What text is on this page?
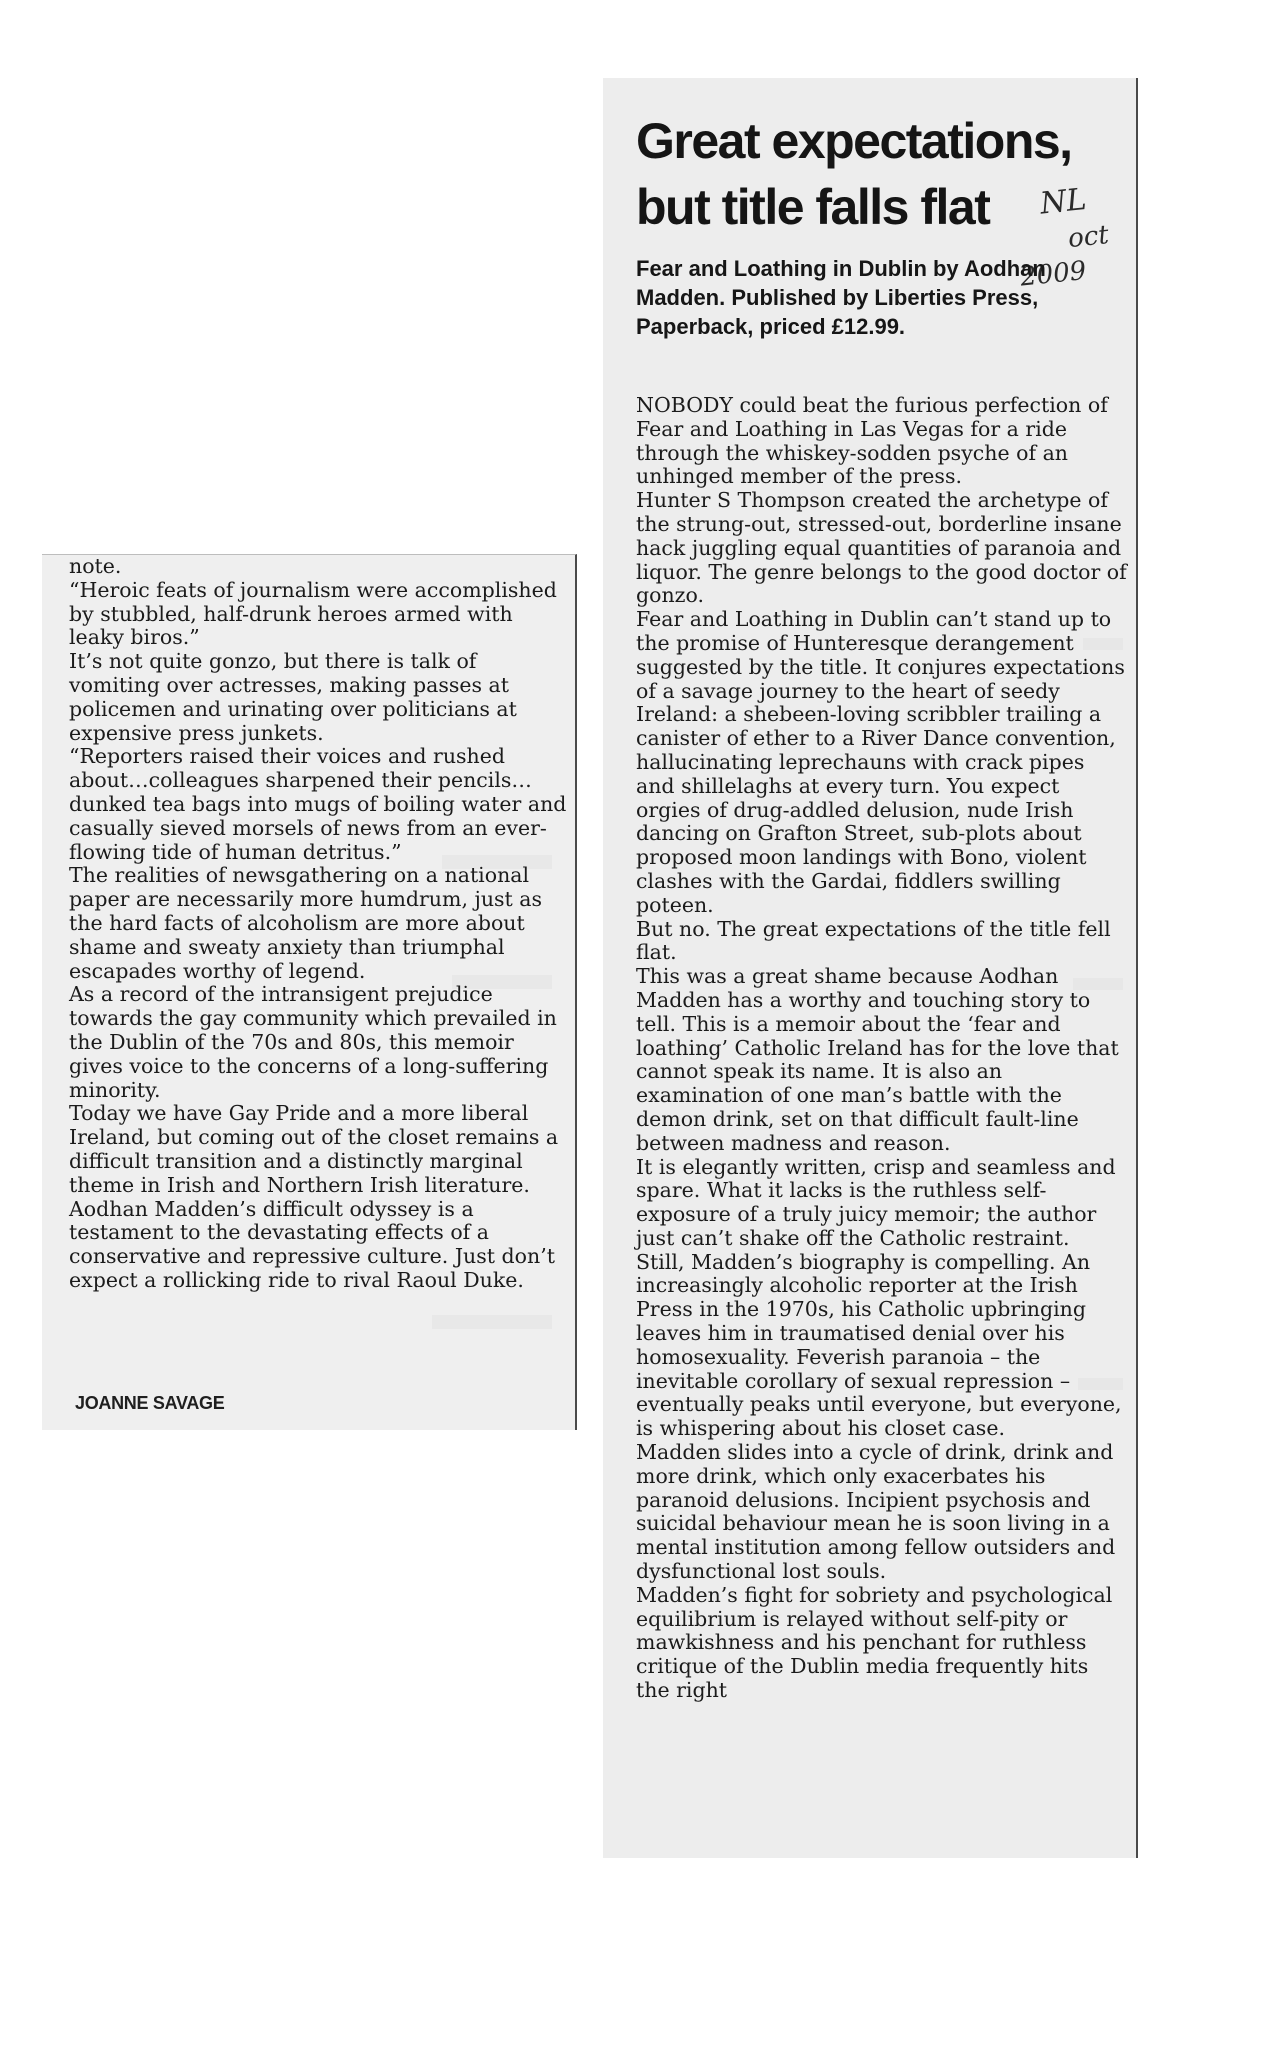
note.

“Heroic feats of journalism were accomplished by stubbled, half-drunk heroes armed with leaky biros.”

It’s not quite gonzo, but there is talk of vomiting over actresses, making passes at policemen and urinating over politicians at expensive press junkets.

“Reporters raised their voices and rushed about…colleagues sharpened their pencils…dunked tea bags into mugs of boiling water and casually sieved morsels of news from an ever-flowing tide of human detritus.”

The realities of newsgathering on a national paper are necessarily more humdrum, just as the hard facts of alcoholism are more about shame and sweaty anxiety than triumphal escapades worthy of legend.

As a record of the intransigent prejudice towards the gay community which prevailed in the Dublin of the 70s and 80s, this memoir gives voice to the concerns of a long-suffering minority.

Today we have Gay Pride and a more liberal Ireland, but coming out of the closet remains a difficult transition and a distinctly marginal theme in Irish and Northern Irish literature.

Aodhan Madden’s difficult odyssey is a testament to the devastating effects of a conservative and repressive culture. Just don’t expect a rollicking ride to rival Raoul Duke.

JOANNE SAVAGE

Great expectations, but title falls flat	NL
oct
2009

Fear and Loathing in Dublin by Aodhan Madden. Published by Liberties Press, Paperback, priced £12.99.

NOBODY could beat the furious perfection of Fear and Loathing in Las Vegas for a ride through the whiskey-sodden psyche of an unhinged member of the press.

Hunter S Thompson created the archetype of the strung-out, stressed-out, borderline insane hack juggling equal quantities of paranoia and liquor. The genre belongs to the good doctor of gonzo.

Fear and Loathing in Dublin can’t stand up to the promise of Hunteresque derangement suggested by the title. It conjures expectations of a savage journey to the heart of seedy Ireland: a shebeen-loving scribbler trailing a canister of ether to a River Dance convention, hallucinating leprechauns with crack pipes and shillelaghs at every turn. You expect orgies of drug-addled delusion, nude Irish dancing on Grafton Street, sub-plots about proposed moon landings with Bono, violent clashes with the Gardai, fiddlers swilling poteen.

But no. The great expectations of the title fell flat.

This was a great shame because Aodhan Madden has a worthy and touching story to tell. This is a memoir about the ‘fear and loathing’ Catholic Ireland has for the love that cannot speak its name. It is also an examination of one man’s battle with the demon drink, set on that difficult fault-line between madness and reason.

It is elegantly written, crisp and seamless and spare. What it lacks is the ruthless self-exposure of a truly juicy memoir; the author just can’t shake off the Catholic restraint.

Still, Madden’s biography is compelling. An increasingly alcoholic reporter at the Irish Press in the 1970s, his Catholic upbringing leaves him in traumatised denial over his homosexuality. Feverish paranoia – the inevitable corollary of sexual repression – eventually peaks until everyone, but everyone, is whispering about his closet case.

Madden slides into a cycle of drink, drink and more drink, which only exacerbates his paranoid delusions. Incipient psychosis and suicidal behaviour mean he is soon living in a mental institution among fellow outsiders and dysfunctional lost souls.

Madden’s fight for sobriety and psychological equilibrium is relayed without self-pity or mawkishness and his penchant for ruthless critique of the Dublin media frequently hits the right
